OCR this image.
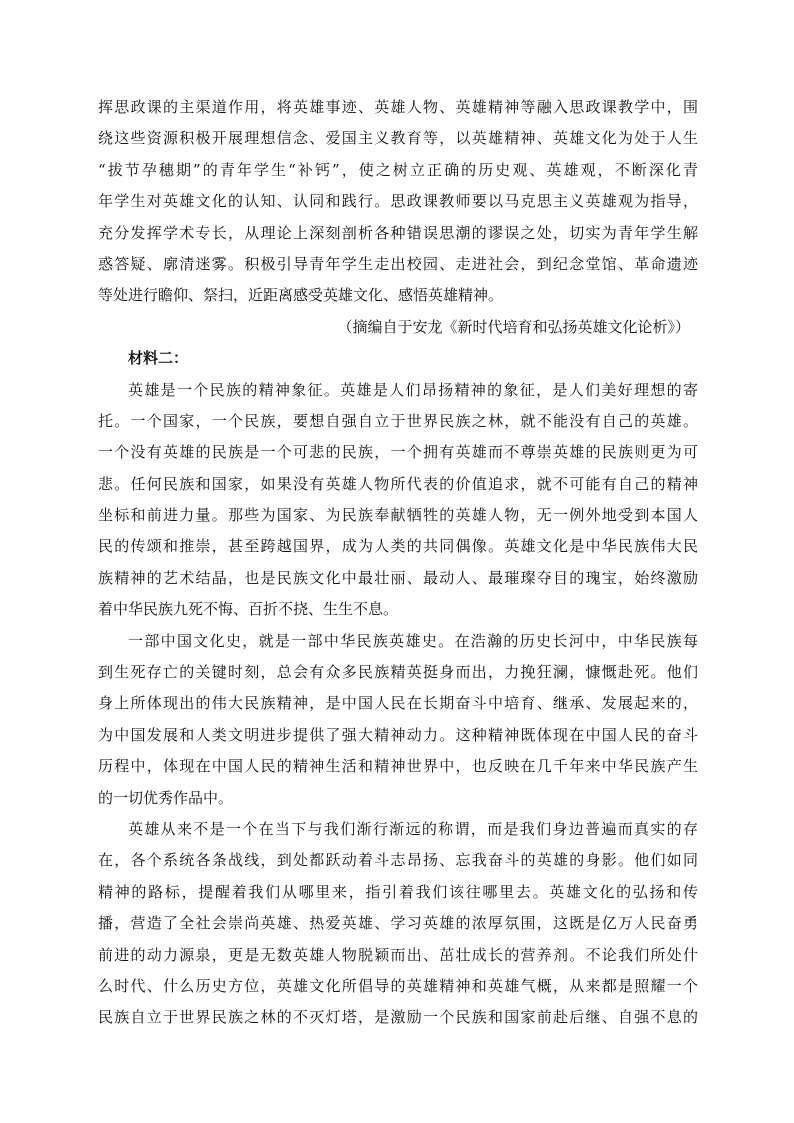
挥思政课的主渠道作用，将英雄事迹、英雄人物、英雄精神等融入思政课教学中，围
绕这些资源积极开展理想信念、爱国主义教育等，以英雄精神、英雄文化为处于人生
“拔节孕穗期”的青年学生“补钙”，使之树立正确的历史观、英雄观，不断深化青
年学生对英雄文化的认知、认同和践行。思政课教师要以马克思主义英雄观为指导，
充分发挥学术专长，从理论上深刻剖析各种错误思潮的谬误之处，切实为青年学生解
惑答疑、廓清迷雾。积极引导青年学生走出校园、走进社会，到纪念堂馆、革命遗迹
等处进行瞻仰、祭扫，近距离感受英雄文化、感悟英雄精神。
（摘编自于安龙《新时代培育和弘扬英雄文化论析》）
材料二：
英雄是一个民族的精神象征。英雄是人们昂扬精神的象征，是人们美好理想的寄
托。一个国家，一个民族，要想自强自立于世界民族之林，就不能没有自己的英雄。
一个没有英雄的民族是一个可悲的民族，一个拥有英雄而不尊崇英雄的民族则更为可
悲。任何民族和国家，如果没有英雄人物所代表的价值追求，就不可能有自己的精神
坐标和前进力量。那些为国家、为民族奉献牺牲的英雄人物，无一例外地受到本国人
民的传颂和推崇，甚至跨越国界，成为人类的共同偶像。英雄文化是中华民族伟大民
族精神的艺术结晶，也是民族文化中最壮丽、最动人、最璀璨夺目的瑰宝，始终激励
着中华民族九死不悔、百折不挠、生生不息。
一部中国文化史，就是一部中华民族英雄史。在浩瀚的历史长河中，中华民族每
到生死存亡的关键时刻，总会有众多民族精英挺身而出，力挽狂澜，慷慨赴死。他们
身上所体现出的伟大民族精神，是中国人民在长期奋斗中培育、继承、发展起来的，
为中国发展和人类文明进步提供了强大精神动力。这种精神既体现在中国人民的奋斗
历程中，体现在中国人民的精神生活和精神世界中，也反映在几千年来中华民族产生
的一切优秀作品中。
英雄从来不是一个在当下与我们渐行渐远的称谓，而是我们身边普遍而真实的存
在，各个系统各条战线，到处都跃动着斗志昂扬、忘我奋斗的英雄的身影。他们如同
精神的路标，提醒着我们从哪里来，指引着我们该往哪里去。英雄文化的弘扬和传
播，营造了全社会崇尚英雄、热爱英雄、学习英雄的浓厚氛围，这既是亿万人民奋勇
前进的动力源泉，更是无数英雄人物脱颖而出、茁壮成长的营养剂。不论我们所处什
么时代、什么历史方位，英雄文化所倡导的英雄精神和英雄气概，从来都是照耀一个
民族自立于世界民族之林的不灭灯塔，是激励一个民族和国家前赴后继、自强不息的
